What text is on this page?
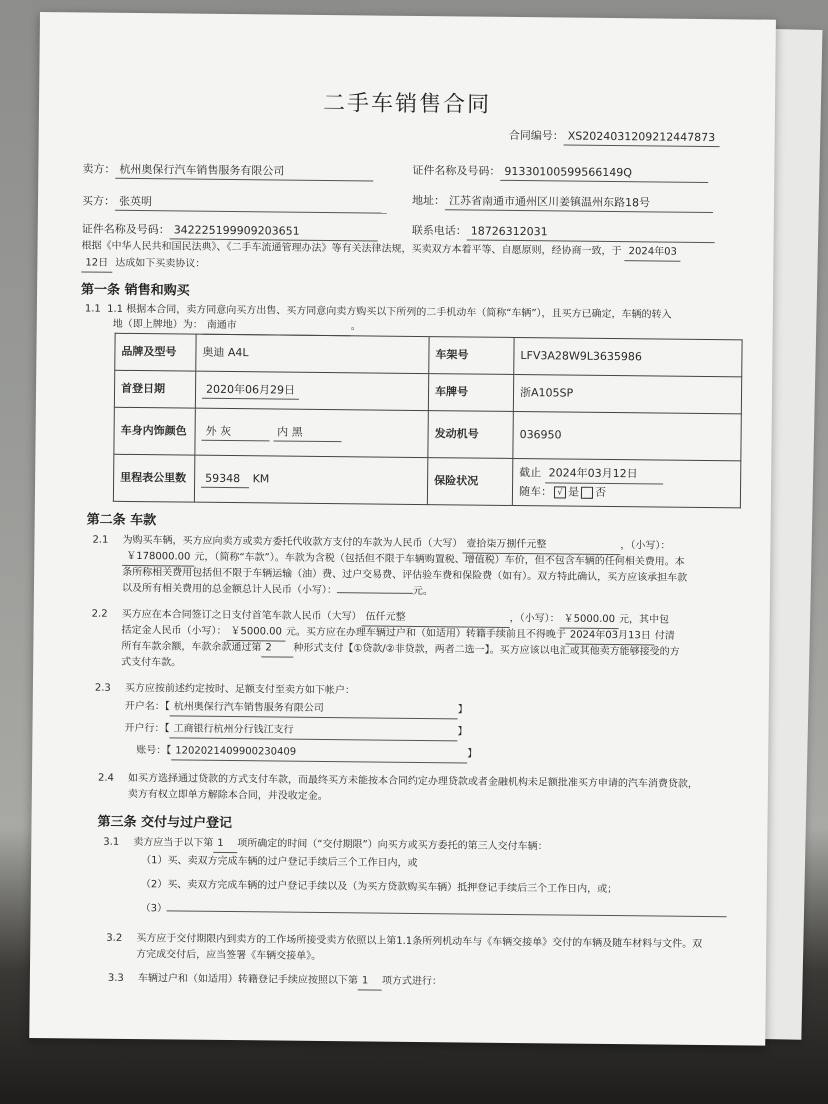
二手车销售合同
合同编号： XS2024031209212447873
卖方： 杭州奥保行汽车销售服务有限公司	证件名称及号码： 91330100599566149Q
买方： 张英明	地址： 江苏省南通市通州区川姜镇温州东路18号
证件名称及号码： 342225199909203651	联系电话： 18726312031
根据《中华人民共和国民法典》、《二手车流通管理办法》等有关法律法规，买卖双方本着平等、自愿原则，经协商一致，于 2024年03
12日 达成如下买卖协议：
第一条 销售和购买
1.1 1.1 根据本合同，卖方同意向买方出售、买方同意向卖方购买以下所列的二手机动车（简称“车辆”），且买方已确定，车辆的转入
地（即上牌地）为： 南通市	。
品牌及型号	奥迪 A4L	车架号	LFV3A28W9L3635986
首登日期	2020年06月29日	车牌号	浙A105SP
车身内饰颜色	外 灰 内 黑	发动机号	036950
里程表公里数	59348 KM	保险状况	截止 2024年03月12日
随车： √ 是 否
第二条 车款
2.1 为购买车辆，买方应向卖方或卖方委托代收款方支付的车款为人民币（大写） 壹拾柒万捌仟元整	，（小写）：
￥178000.00 元，（简称“车款”）。车款为含税（包括但不限于车辆购置税、增值税）车价，但不包含车辆的任何相关费用。本
条所称相关费用包括但不限于车辆运输（油）费、过户交易费、评估验车费和保险费（如有）。双方特此确认，买方应该承担车款
以及所有相关费用的总金额总计人民币（小写）：	元。
2.2 买方应在本合同签订之日支付首笔车款人民币（大写） 伍仟元整	，（小写）： ￥5000.00 元，其中包
括定金人民币（小写）： ￥5000.00 元。买方应在办理车辆过户和（如适用）转籍手续前且不得晚于 2024年03月13日 付清
所有车款余额，车款余款通过第 2 种形式支付【①贷款/②非贷款，两者二选一】。买方应该以电汇或其他卖方能够接受的方
式支付车款。
2.3 买方应按前述约定按时、足额支付至卖方如下帐户：
开户名：【 杭州奥保行汽车销售服务有限公司	】
开户行：【 工商银行杭州分行钱江支行	】
账号：【 1202021409900230409	】
2.4 如买方选择通过贷款的方式支付车款，而最终买方未能按本合同约定办理贷款或者金融机构未足额批准买方申请的汽车消费贷款，
卖方有权立即单方解除本合同，并没收定金。
第三条 交付与过户登记
3.1 卖方应当于以下第 1 项所确定的时间（“交付期限”）向买方或买方委托的第三人交付车辆：
（1）买、卖双方完成车辆的过户登记手续后三个工作日内，或
（2）买、卖双方完成车辆的过户登记手续以及（为买方贷款购买车辆）抵押登记手续后三个工作日内，或；
（3）
3.2 买方应于交付期限内到卖方的工作场所接受卖方依照以上第1.1条所列机动车与《车辆交接单》交付的车辆及随车材料与文件。双
方完成交付后，应当签署《车辆交接单》。
3.3 车辆过户和（如适用）转籍登记手续应按照以下第 1 项方式进行：
